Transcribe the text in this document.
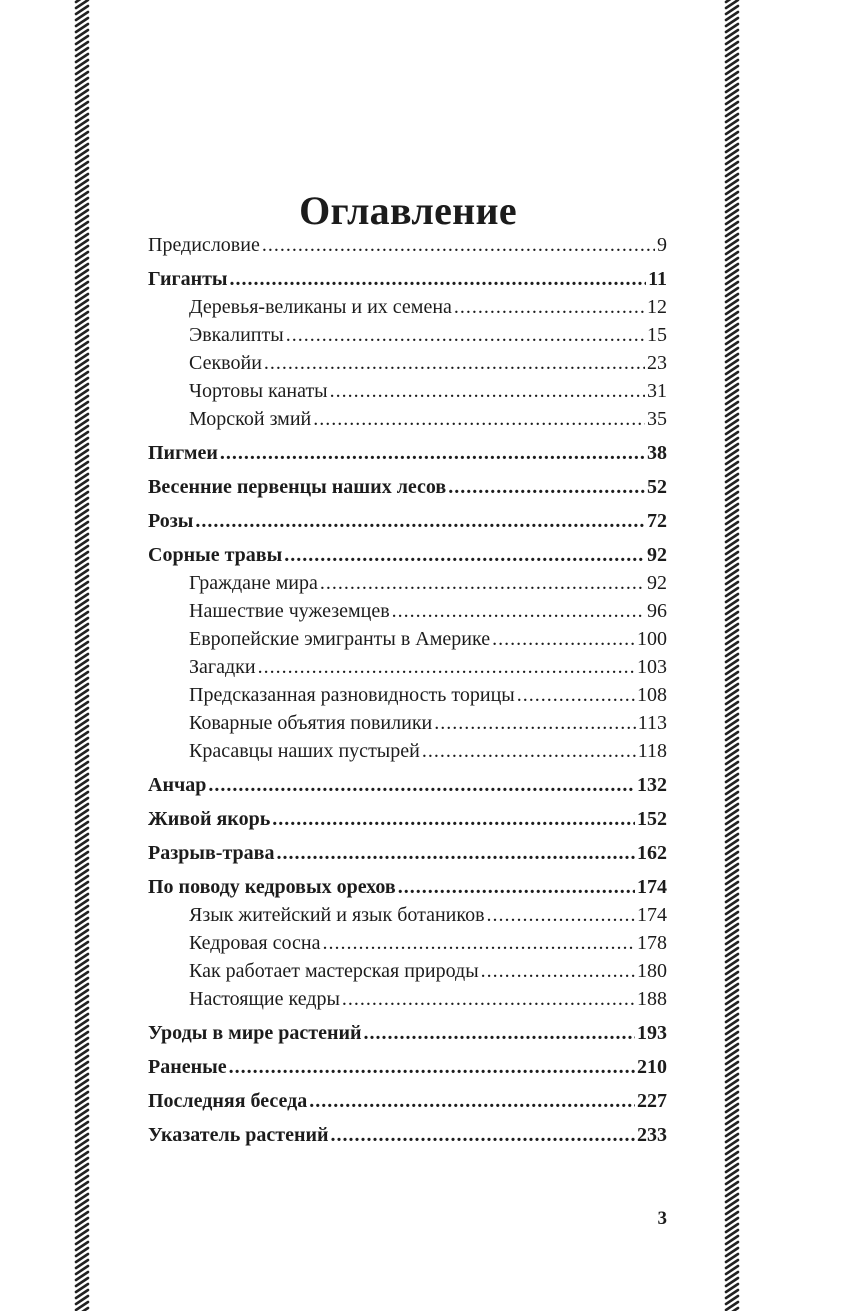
Оглавление
Предисловие .....	9
Гиганты .....	11
Деревья-великаны и их семена .....	12
Эвкалипты .....	15
Секвойи .....	23
Чортовы канаты .....	31
Морской змий .....	35
Пигмеи .....	38
Весенние первенцы наших лесов .....	52
Розы .....	72
Сорные травы .....	92
Граждане мира .....	92
Нашествие чужеземцев .....	96
Европейские эмигранты в Америке .....	100
Загадки .....	103
Предсказанная разновидность торицы .....	108
Коварные объятия повилики .....	113
Красавцы наших пустырей .....	118
Анчар .....	132
Живой якорь .....	152
Разрыв-трава .....	162
По поводу кедровых орехов .....	174
Язык житейский и язык ботаников .....	174
Кедровая сосна .....	178
Как работает мастерская природы .....	180
Настоящие кедры .....	188
Уроды в мире растений .....	193
Раненые .....	210
Последняя беседа .....	227
Указатель растений .....	233
3
